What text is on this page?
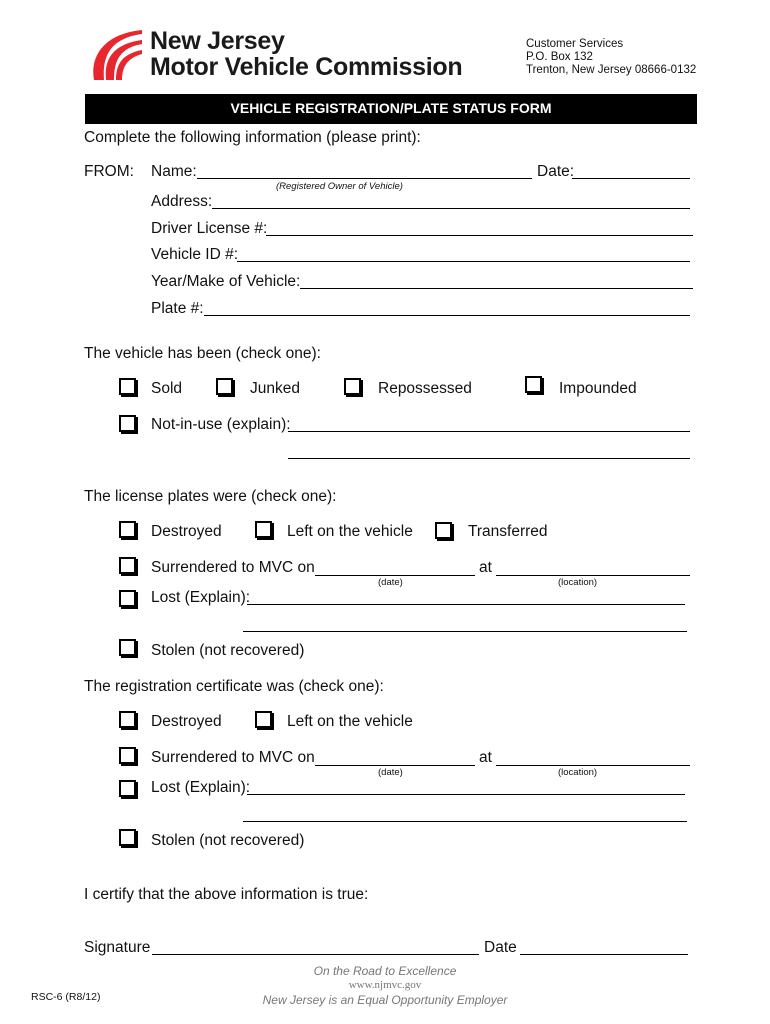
New Jersey
Motor Vehicle Commission
Customer Services
P.O. Box 132
Trenton, New Jersey 08666-0132
VEHICLE REGISTRATION/PLATE STATUS FORM
Complete the following information (please print):
FROM: Name:	Date:
(Registered Owner of Vehicle)
Address:
Driver License #:
Vehicle ID #:
Year/Make of Vehicle:
Plate #:
The vehicle has been (check one):
Sold	Junked	Repossessed	Impounded
Not-in-use (explain):
The license plates were (check one):
Destroyed	Left on the vehicle	Transferred
Surrendered to MVC on	at
(date)	(location)
Lost (Explain):
Stolen (not recovered)
The registration certificate was (check one):
Destroyed	Left on the vehicle
Surrendered to MVC on	at
(date)	(location)
Lost (Explain):
Stolen (not recovered)
I certify that the above information is true:
Signature	Date
On the Road to Excellence
www.njmvc.gov
New Jersey is an Equal Opportunity Employer
RSC-6 (R8/12)
